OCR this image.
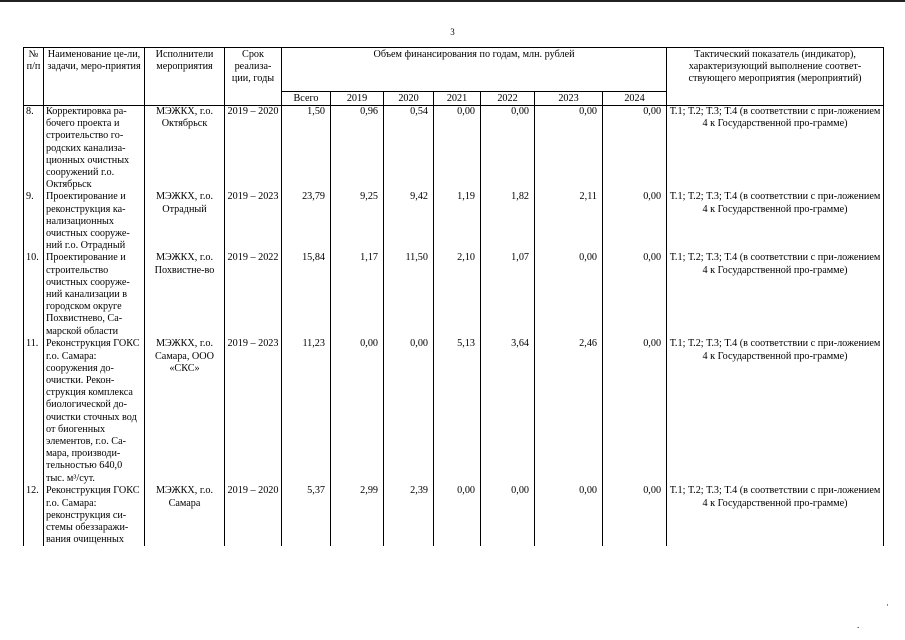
3
№ п/п	Наименование це-ли, задачи, меро-приятия	Исполнители мероприятия	Срок реализа-ции, годы	Объем финансирования по годам, млн. рублей							Тактический показатель (индикатор), характеризующий выполнение соответ-ствующего мероприятия (мероприятий)
				Всего	2019	2020	2021	2022	2023	2024	
8.	Корректировка ра-бочего проекта и строительство го-родских канализа-ционных очистных сооружений г.о. Октябрьск	МЭЖКХ, г.о. Октябрьск	2019 – 2020	1,50	0,96	0,54	0,00	0,00	0,00	0,00	Т.1; Т.2; Т.3; Т.4 (в соответствии с при-ложением 4 к Государственной про-грамме)
9.	Проектирование и реконструкция ка-нализационных очистных сооруже-ний г.о. Отрадный	МЭЖКХ, г.о. Отрадный	2019 – 2023	23,79	9,25	9,42	1,19	1,82	2,11	0,00	Т.1; Т.2; Т.3; Т.4 (в соответствии с при-ложением 4 к Государственной про-грамме)
10.	Проектирование и строительство очистных сооруже-ний канализации в городском округе Похвистнево, Са-марской области	МЭЖКХ, г.о. Похвистне-во	2019 – 2022	15,84	1,17	11,50	2,10	1,07	0,00	0,00	Т.1; Т.2; Т.3; Т.4 (в соответствии с при-ложением 4 к Государственной про-грамме)
11.	Реконструкция ГОКС г.о. Самара: сооружения до-очистки. Рекон-струкция комплекса биологической до-очистки сточных вод от биогенных элементов, г.о. Са-мара, производи-тельностью 640,0 тыс. м³/сут.	МЭЖКХ, г.о. Самара, ООО «СКС»	2019 – 2023	11,23	0,00	0,00	5,13	3,64	2,46	0,00	Т.1; Т.2; Т.3; Т.4 (в соответствии с при-ложением 4 к Государственной про-грамме)
12.	Реконструкция ГОКС г.о. Самара: реконструкция си-стемы обеззаражи-вания очищенных	МЭЖКХ, г.о. Самара	2019 – 2020	5,37	2,99	2,39	0,00	0,00	0,00	0,00	Т.1; Т.2; Т.3; Т.4 (в соответствии с при-ложением 4 к Государственной про-грамме)
·
.
